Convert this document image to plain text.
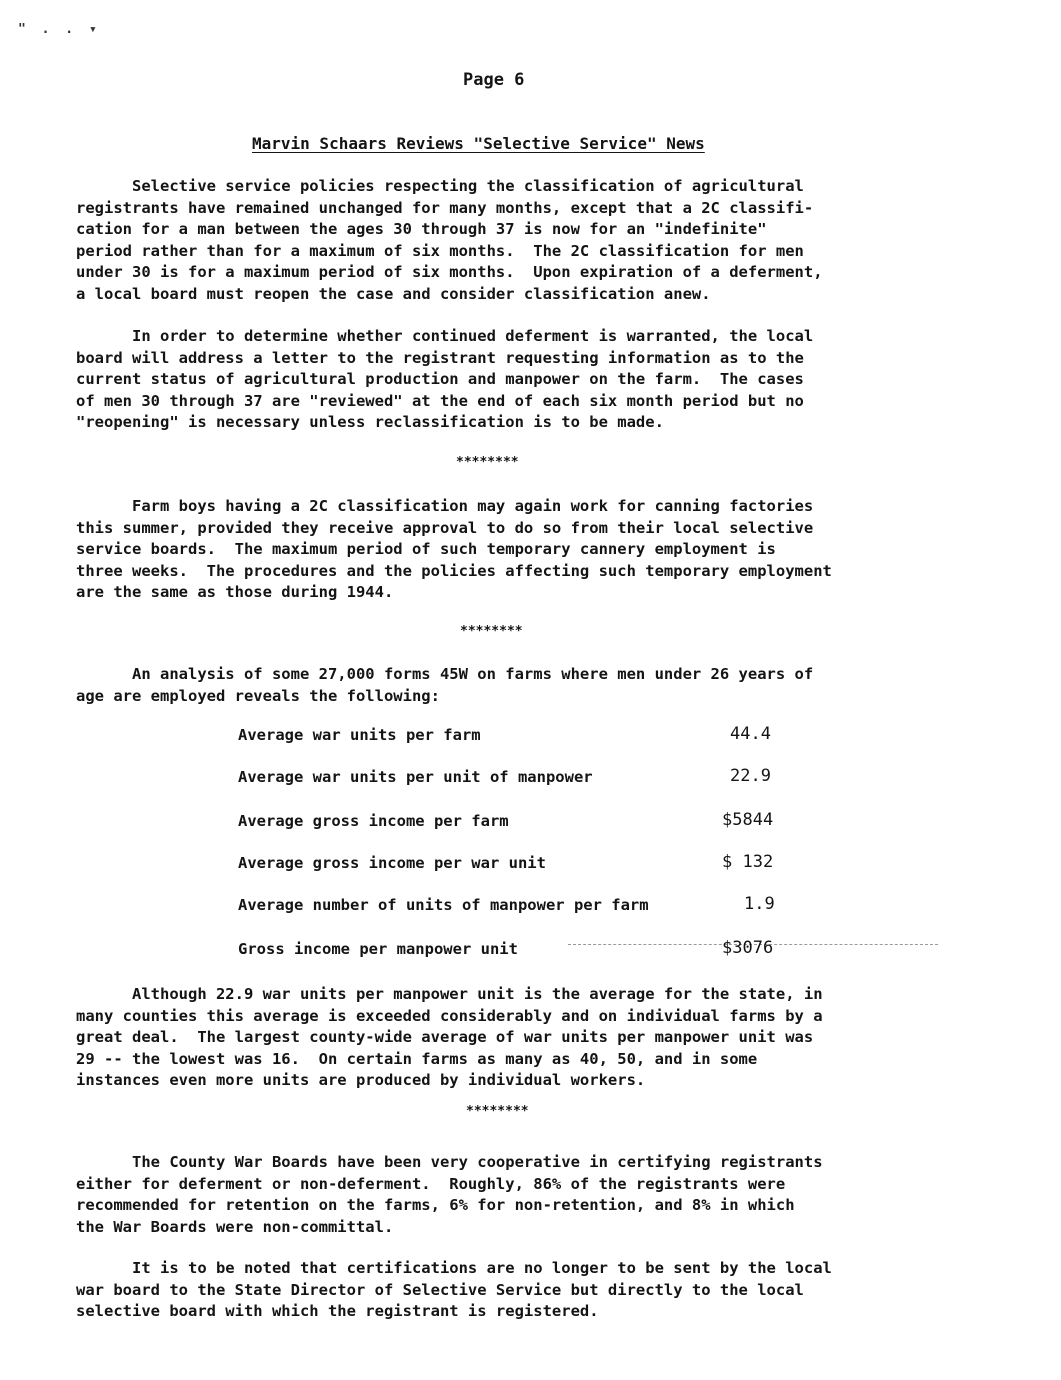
" . . ▾
Page 6
Marvin Schaars Reviews "Selective Service" News
Selective service policies respecting the classification of agricultural
registrants have remained unchanged for many months, except that a 2C classifi-
cation for a man between the ages 30 through 37 is now for an "indefinite"
period rather than for a maximum of six months.  The 2C classification for men
under 30 is for a maximum period of six months.  Upon expiration of a deferment,
a local board must reopen the case and consider classification anew.
In order to determine whether continued deferment is warranted, the local
board will address a letter to the registrant requesting information as to the
current status of agricultural production and manpower on the farm.  The cases
of men 30 through 37 are "reviewed" at the end of each six month period but no
"reopening" is necessary unless reclassification is to be made.
********
Farm boys having a 2C classification may again work for canning factories
this summer, provided they receive approval to do so from their local selective
service boards.  The maximum period of such temporary cannery employment is
three weeks.  The procedures and the policies affecting such temporary employment
are the same as those during 1944.
********
An analysis of some 27,000 forms 45W on farms where men under 26 years of
age are employed reveals the following:
Average war units per farm	44.4
Average war units per unit of manpower	22.9
Average gross income per farm	$5844
Average gross income per war unit	$ 132
Average number of units of manpower per farm	1.9
Gross income per manpower unit	$3076
Although 22.9 war units per manpower unit is the average for the state, in
many counties this average is exceeded considerably and on individual farms by a
great deal.  The largest county-wide average of war units per manpower unit was
29 -- the lowest was 16.  On certain farms as many as 40, 50, and in some
instances even more units are produced by individual workers.
********
The County War Boards have been very cooperative in certifying registrants
either for deferment or non-deferment.  Roughly, 86% of the registrants were
recommended for retention on the farms, 6% for non-retention, and 8% in which
the War Boards were non-committal.
It is to be noted that certifications are no longer to be sent by the local
war board to the State Director of Selective Service but directly to the local
selective board with which the registrant is registered.
